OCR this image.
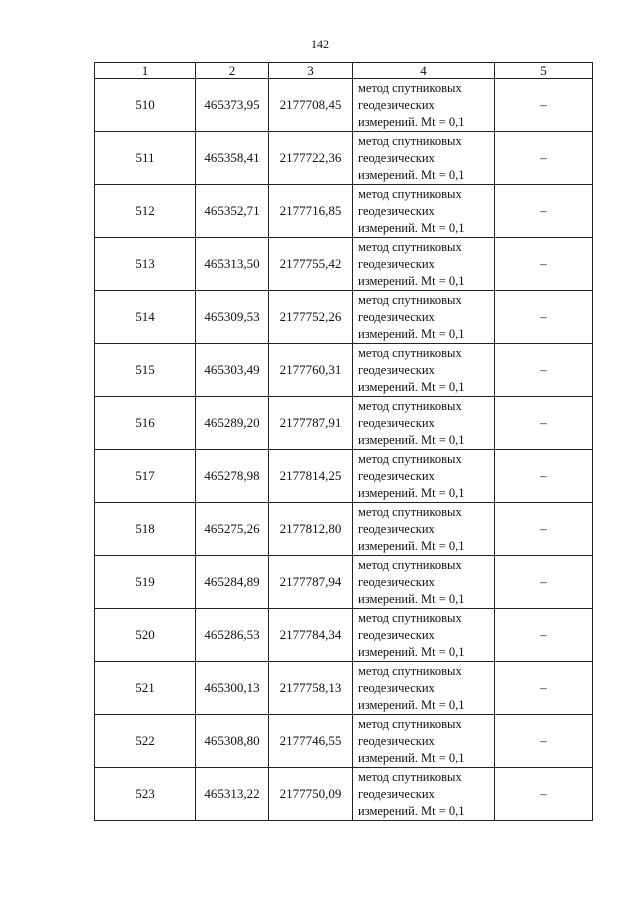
142
1	2	3	4	5
510	465373,95	2177708,45	метод спутниковых
геодезических
измерений. Mt = 0,1	–
511	465358,41	2177722,36	метод спутниковых
геодезических
измерений. Mt = 0,1	–
512	465352,71	2177716,85	метод спутниковых
геодезических
измерений. Mt = 0,1	–
513	465313,50	2177755,42	метод спутниковых
геодезических
измерений. Mt = 0,1	–
514	465309,53	2177752,26	метод спутниковых
геодезических
измерений. Mt = 0,1	–
515	465303,49	2177760,31	метод спутниковых
геодезических
измерений. Mt = 0,1	–
516	465289,20	2177787,91	метод спутниковых
геодезических
измерений. Mt = 0,1	–
517	465278,98	2177814,25	метод спутниковых
геодезических
измерений. Mt = 0,1	–
518	465275,26	2177812,80	метод спутниковых
геодезических
измерений. Mt = 0,1	–
519	465284,89	2177787,94	метод спутниковых
геодезических
измерений. Mt = 0,1	–
520	465286,53	2177784,34	метод спутниковых
геодезических
измерений. Mt = 0,1	–
521	465300,13	2177758,13	метод спутниковых
геодезических
измерений. Mt = 0,1	–
522	465308,80	2177746,55	метод спутниковых
геодезических
измерений. Mt = 0,1	–
523	465313,22	2177750,09	метод спутниковых
геодезических
измерений. Mt = 0,1	–
